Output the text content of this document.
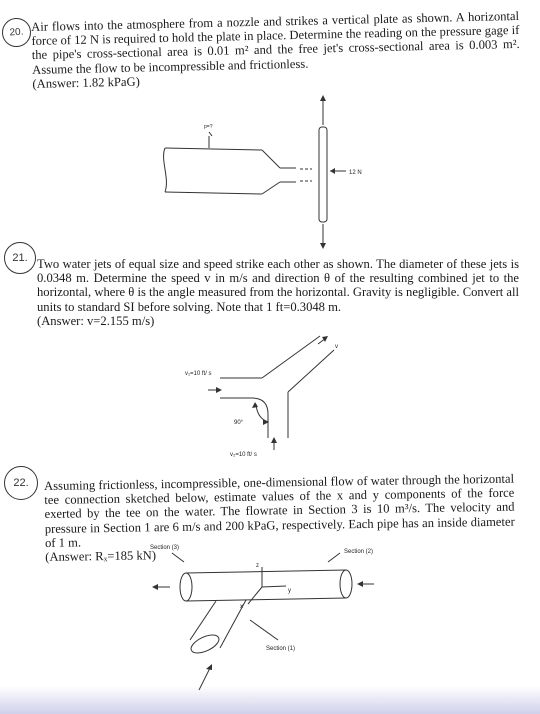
20. Air flows into the atmosphere from a nozzle and strikes a vertical plate as shown. A horizontal force of 12 N is required to hold the plate in place. Determine the reading on the pressure gage if the pipe's cross-sectional area is 0.01 m² and the free jet's cross-sectional area is 0.003 m². Assume the flow to be incompressible and frictionless.

(Answer: 1.82 kPaG)

p=?
12 N
21. Two water jets of equal size and speed strike each other as shown. The diameter of these jets is 0.0348 m. Determine the speed v in m/s and direction θ of the resulting combined jet to the horizontal, where θ is the angle measured from the horizontal. Gravity is negligible. Convert all units to standard SI before solving. Note that 1 ft=0.3048 m.

(Answer: v=2.155 m/s)

v₁=10 ft/ s
v₂=10 ft/ s
90°
v
22. Assuming frictionless, incompressible, one-dimensional flow of water through the horizontal tee connection sketched below, estimate values of the x and y components of the force exerted by the tee on the water. The flowrate in Section 3 is 10 m³/s. The velocity and pressure in Section 1 are 6 m/s and 200 kPaG, respectively. Each pipe has an inside diameter of 1 m.

(Answer: Rₓ=185 kN)

Section (3)
Section (2)
Section (1)
z
y
x
